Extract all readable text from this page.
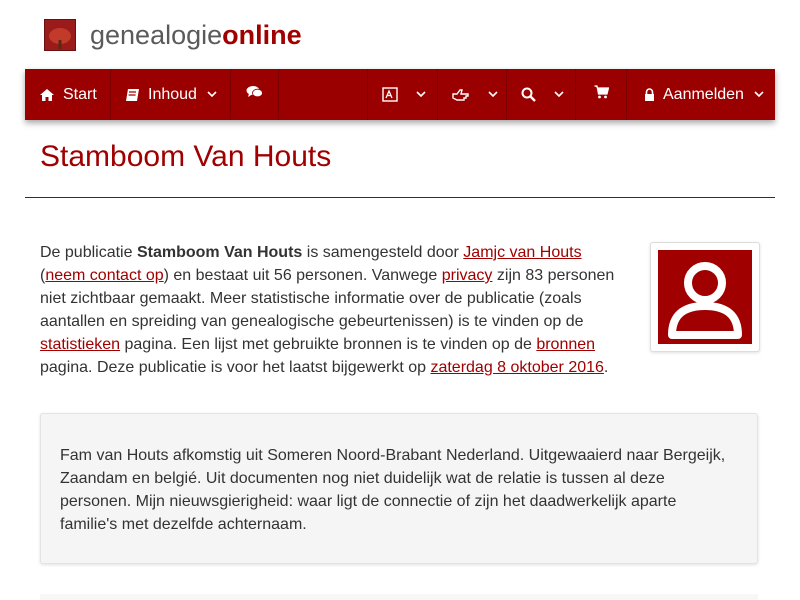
genealogieonline
Start	Inhoud	Aanmelden
Stamboom Van Houts
De publicatie Stamboom Van Houts is samengesteld door Jamjc van Houts
(neem contact op) en bestaat uit 56 personen. Vanwege privacy zijn 83 personen niet zichtbaar gemaakt. Meer statistische informatie over de publicatie (zoals aantallen en spreiding van genealogische gebeurtenissen) is te vinden op de statistieken pagina. Een lijst met gebruikte bronnen is te vinden op de bronnen
pagina. Deze publicatie is voor het laatst bijgewerkt op zaterdag 8 oktober 2016.
Fam van Houts afkomstig uit Someren Noord-Brabant Nederland. Uitgewaaierd naar Bergeijk, Zaandam en belgié. Uit documenten nog niet duidelijk wat de relatie is tussen al deze personen. Mijn nieuwsgierigheid: waar ligt de connectie of zijn het daadwerkelijk aparte familie's met dezelfde achternaam.
